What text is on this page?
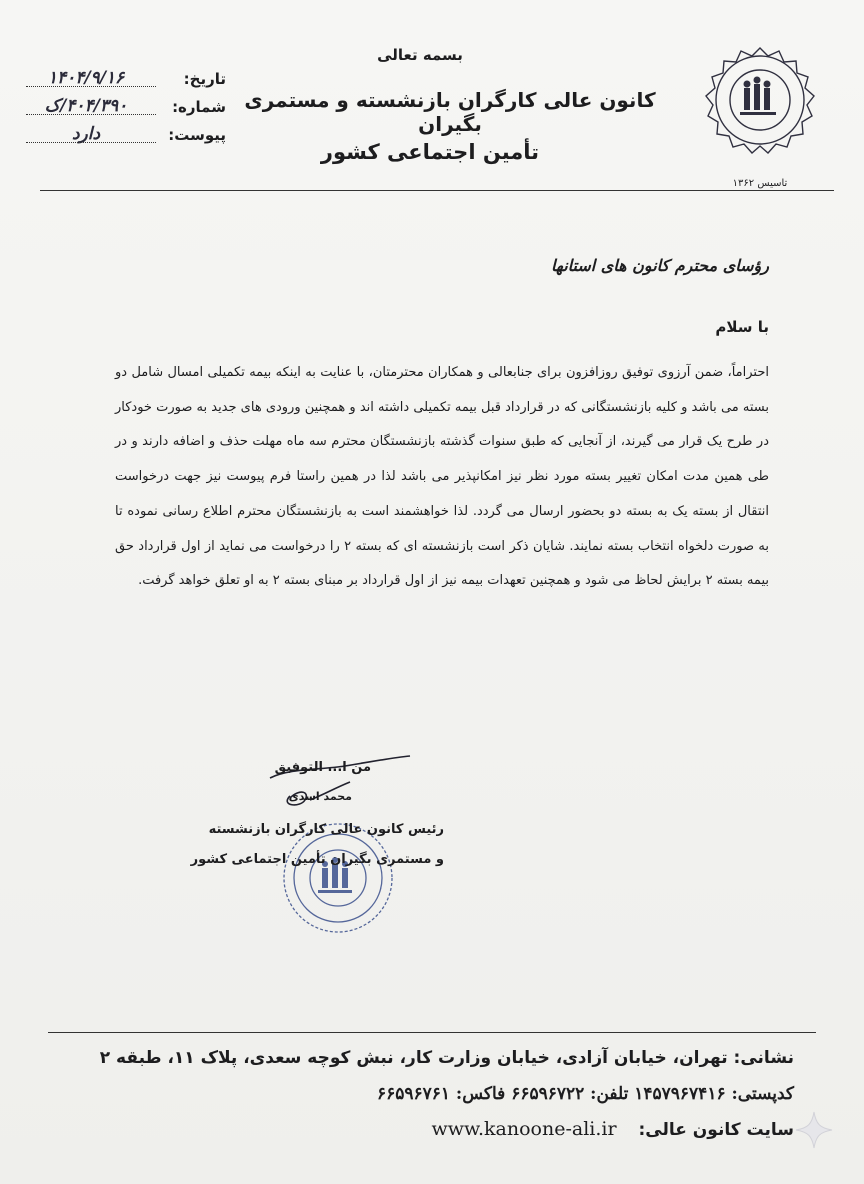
تاسیس ۱۳۶۲
بسمه تعالی
کانون عالی کارگران بازنشسته و مستمری بگیران
تأمین اجتماعی کشور
تاریخ:
۱۴۰۴/۹/۱۶
شماره:
۴۰۴/۳۹۰/ک
پیوست:
دارد
رؤسای محترم کانون های استانها
با سلام

احتراماً، ضمن آرزوی توفیق روزافزون برای جنابعالی و همکاران محترمتان، با عنایت به اینکه بیمه تکمیلی امسال شامل دو بسته می باشد و کلیه بازنشستگانی که در قرارداد قبل بیمه تکمیلی داشته اند و همچنین ورودی های جدید به صورت خودکار در طرح یک قرار می گیرند، از آنجایی که طبق سنوات گذشته بازنشستگان محترم سه ماه مهلت حذف و اضافه دارند و در طی همین مدت امکان تغییر بسته مورد نظر نیز امکانپذیر می باشد لذا در همین راستا فرم پیوست نیز جهت درخواست انتقال از بسته یک به بسته دو بحضور ارسال می گردد. لذا خواهشمند است به بازنشستگان محترم اطلاع رسانی نموده تا به صورت دلخواه انتخاب بسته نمایند. شایان ذکر است بازنشسته ای که بسته ۲ را درخواست می نماید از اول قرارداد حق بیمه بسته ۲ برایش لحاظ می شود و همچنین تعهدات بیمه نیز از اول قرارداد بر مبنای بسته ۲ به او تعلق خواهد گرفت.

من ا... التوفیق
محمد اسدی
رئیس کانون عالی کارگران بازنشسته
و مستمری بگیران تأمین اجتماعی کشور
نشانی: تهران، خیابان آزادی، خیابان وزارت کار، نبش کوچه سعدی، پلاک ۱۱، طبقه ۲
کدپستی: ۱۴۵۷۹۶۷۴۱۶ تلفن: ۶۶۵۹۶۷۲۲ فاکس: ۶۶۵۹۶۷۶۱
سایت کانون عالی: www.kanoone-ali.ir
